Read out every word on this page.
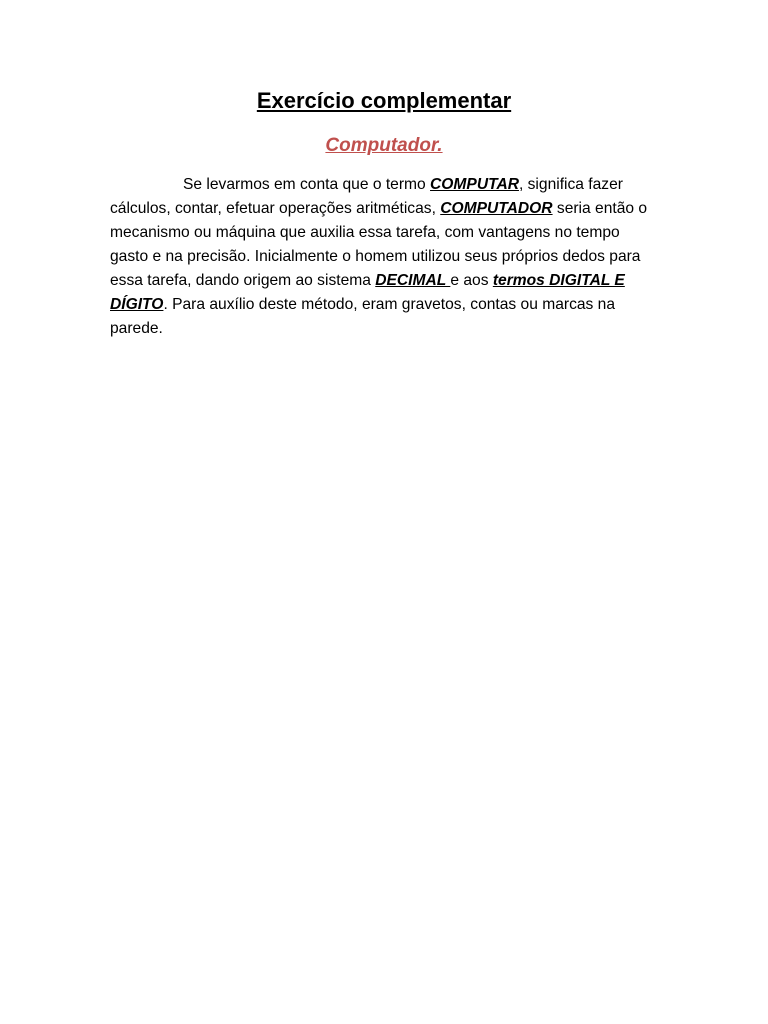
Exercício complementar
Computador.

Se levarmos em conta que o termo COMPUTAR, significa fazer cálculos, contar, efetuar operações aritméticas, COMPUTADOR seria então o mecanismo ou máquina que auxilia essa tarefa, com vantagens no tempo gasto e na precisão. Inicialmente o homem utilizou seus próprios dedos para essa tarefa, dando origem ao sistema DECIMAL e aos termos DIGITAL E DÍGITO. Para auxílio deste método, eram gravetos, contas ou marcas na parede.
